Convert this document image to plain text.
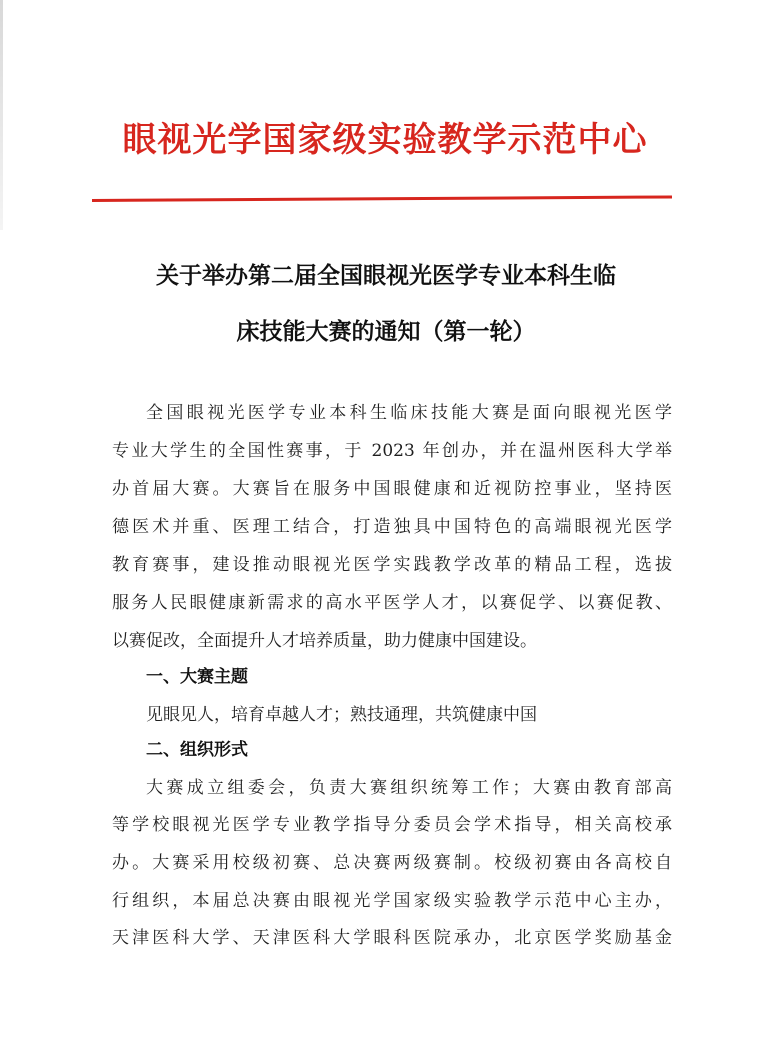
眼视光学国家级实验教学示范中心
关于举办第二届全国眼视光医学专业本科生临
床技能大赛的通知（第一轮）
全国眼视光医学专业本科生临床技能大赛是面向眼视光医学
专业大学生的全国性赛事，于 2023 年创办，并在温州医科大学举
办首届大赛。大赛旨在服务中国眼健康和近视防控事业，坚持医
德医术并重、医理工结合，打造独具中国特色的高端眼视光医学
教育赛事，建设推动眼视光医学实践教学改革的精品工程，选拔
服务人民眼健康新需求的高水平医学人才，以赛促学、以赛促教、
以赛促改，全面提升人才培养质量，助力健康中国建设。
一、大赛主题
见眼见人，培育卓越人才；熟技通理，共筑健康中国
二、组织形式
大赛成立组委会，负责大赛组织统筹工作；大赛由教育部高
等学校眼视光医学专业教学指导分委员会学术指导，相关高校承
办。大赛采用校级初赛、总决赛两级赛制。校级初赛由各高校自
行组织，本届总决赛由眼视光学国家级实验教学示范中心主办，
天津医科大学、天津医科大学眼科医院承办，北京医学奖励基金
